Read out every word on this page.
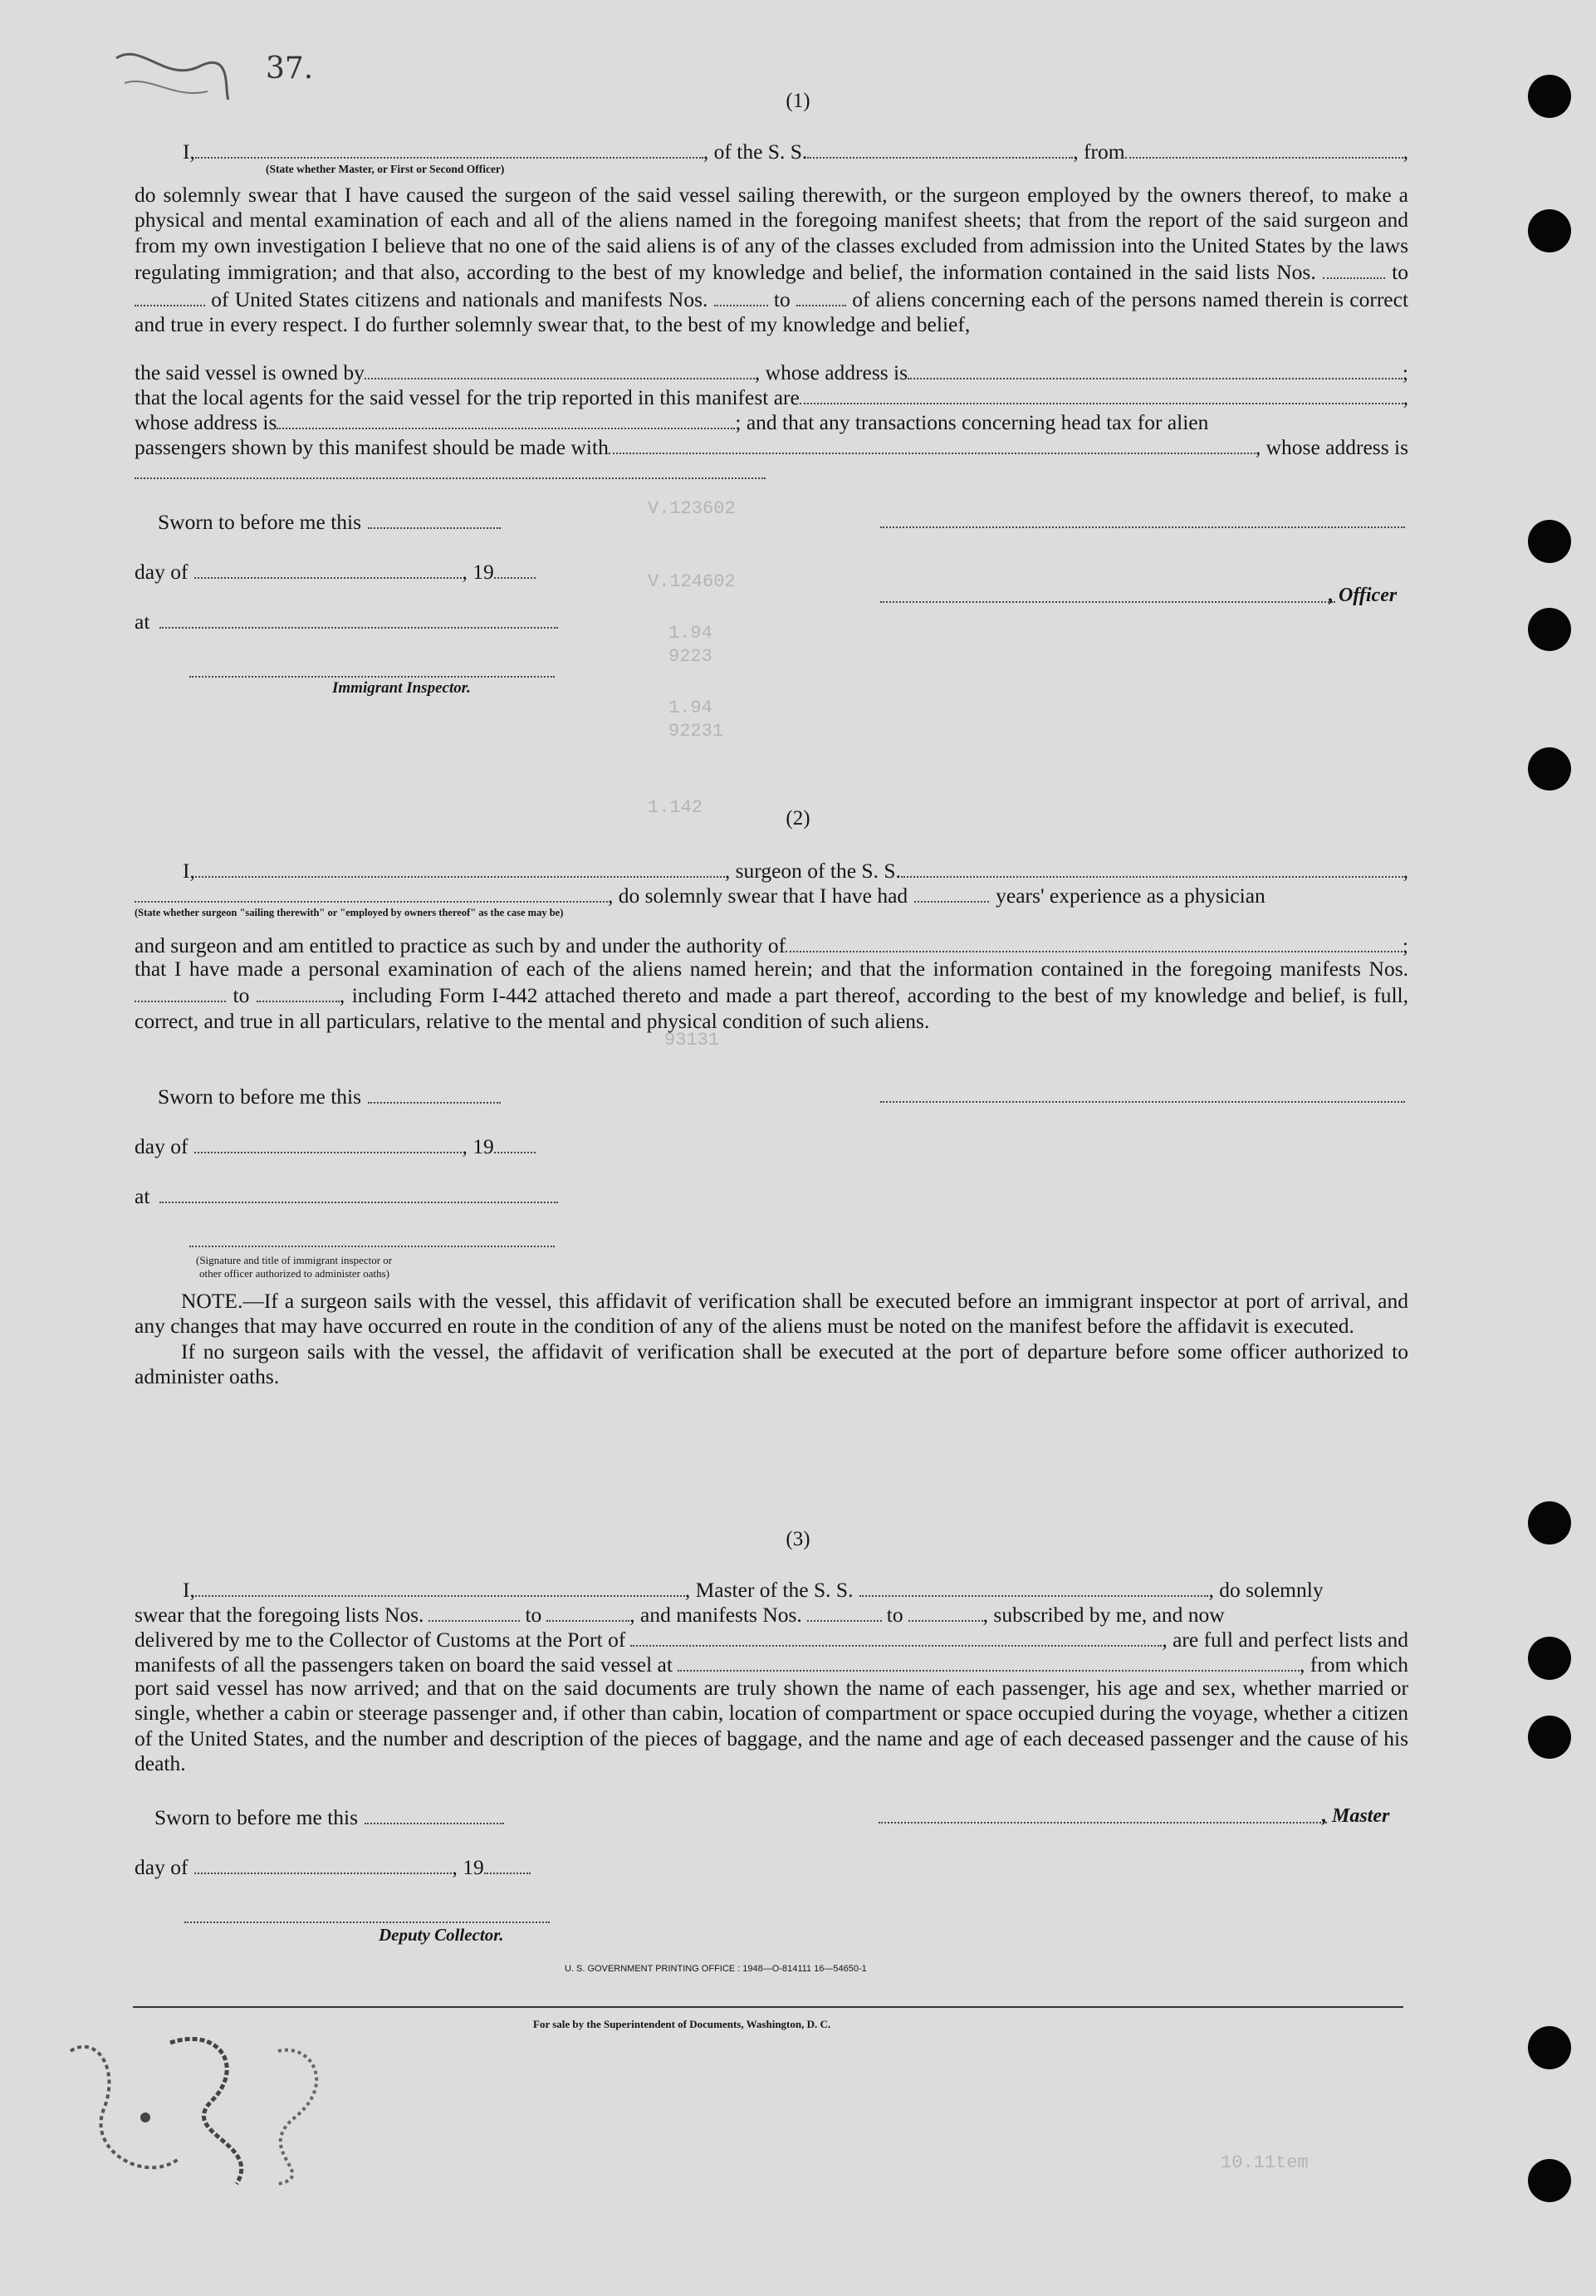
37.
V.123602
V.124602
1.94
9223
1.94
92231
1.142
93131
10.11tem
(1)
I,	, of the S. S.	, from	,
(State whether Master, or First or Second Officer)

do solemnly swear that I have caused the surgeon of the said vessel sailing therewith, or the surgeon employed by the owners thereof, to make a physical and mental examination of each and all of the aliens named in the foregoing manifest sheets; that from the report of the said surgeon and from my own investigation I believe that no one of the said aliens is of any of the classes excluded from admission into the United States by the laws regulating immigration; and that also, according to the best of my knowledge and belief, the information contained in the said lists Nos.	to  of United States citizens and nationals and manifests Nos.	to	of aliens concerning each of the persons named therein is correct and true in every respect. I do further solemnly swear that, to the best of my knowledge and belief,

the said vessel is owned by	, whose address is	;
that the local agents for the said vessel for the trip reported in this manifest are	,
whose address is	; and that any transactions concerning head tax for alien
passengers shown by this manifest should be made with	, whose address is
Sworn to before me this
day of	, 19
at
Immigrant Inspector.
, Officer
(2)
I,	, surgeon of the S. S.	,
, do solemnly swear that I have had	years' experience as a physician
(State whether surgeon "sailing therewith" or "employed by owners thereof" as the case may be)
and surgeon and am entitled to practice as such by and under the authority of	;

that I have made a personal examination of each of the aliens named herein; and that the information contained in the foregoing manifests Nos.  to	, including Form I-442 attached thereto and made a part thereof, according to the best of my knowledge and belief, is full, correct, and true in all particulars, relative to the mental and physical condition of such aliens.

Sworn to before me this
day of	, 19
at
(Signature and title of immigrant inspector or
other officer authorized to administer oaths)

NOTE.—If a surgeon sails with the vessel, this affidavit of verification shall be executed before an immigrant inspector at port of arrival, and any changes that may have occurred en route in the condition of any of the aliens must be noted on the manifest before the affidavit is executed.

If no surgeon sails with the vessel, the affidavit of verification shall be executed at the port of departure before some officer authorized to administer oaths.

(3)
I,	, Master of the S. S.	, do solemnly
swear that the foregoing lists Nos.	to	, and manifests Nos.	to	, subscribed by me, and now
delivered by me to the Collector of Customs at the Port of	, are full and perfect lists and
manifests of all the passengers taken on board the said vessel at	, from which

port said vessel has now arrived; and that on the said documents are truly shown the name of each passenger, his age and sex, whether married or single, whether a cabin or steerage passenger and, if other than cabin, location of compartment or space occupied during the voyage, whether a citizen of the United States, and the number and description of the pieces of baggage, and the name and age of each deceased passenger and the cause of his death.

Sworn to before me this	, Master
day of	, 19
Deputy Collector.
U. S. GOVERNMENT PRINTING OFFICE : 1948—O-814111 16—54650-1
For sale by the Superintendent of Documents, Washington, D. C.
